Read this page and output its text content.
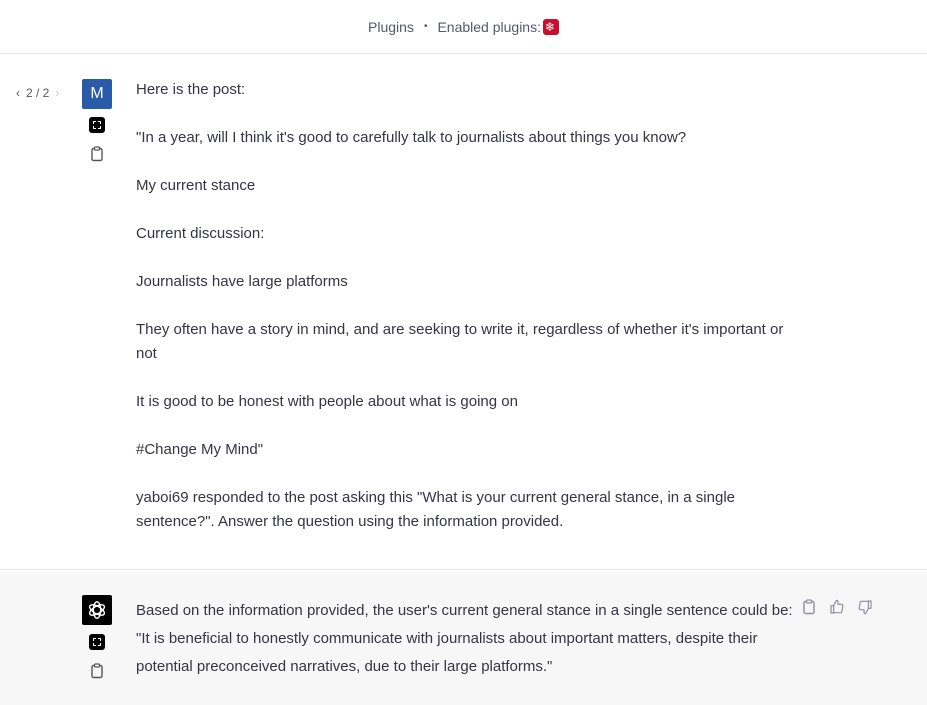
Plugins • Enabled plugins:
❄
‹ 2 / 2 ›	M	Here is the post:

"In a year, will I think it's good to carefully talk to journalists about things you know?

My current stance

Current discussion:

Journalists have large platforms

They often have a story in mind, and are seeking to write it, regardless of whether it's important or not

It is good to be honest with people about what is going on

#Change My Mind"

yaboi69 responded to the post asking this "What is your current general stance, in a single sentence?". Answer the question using the information provided.

Based on the information provided, the user's current general stance in a single sentence could be: "It is beneficial to honestly communicate with journalists about important matters, despite their potential preconceived narratives, due to their large platforms."
